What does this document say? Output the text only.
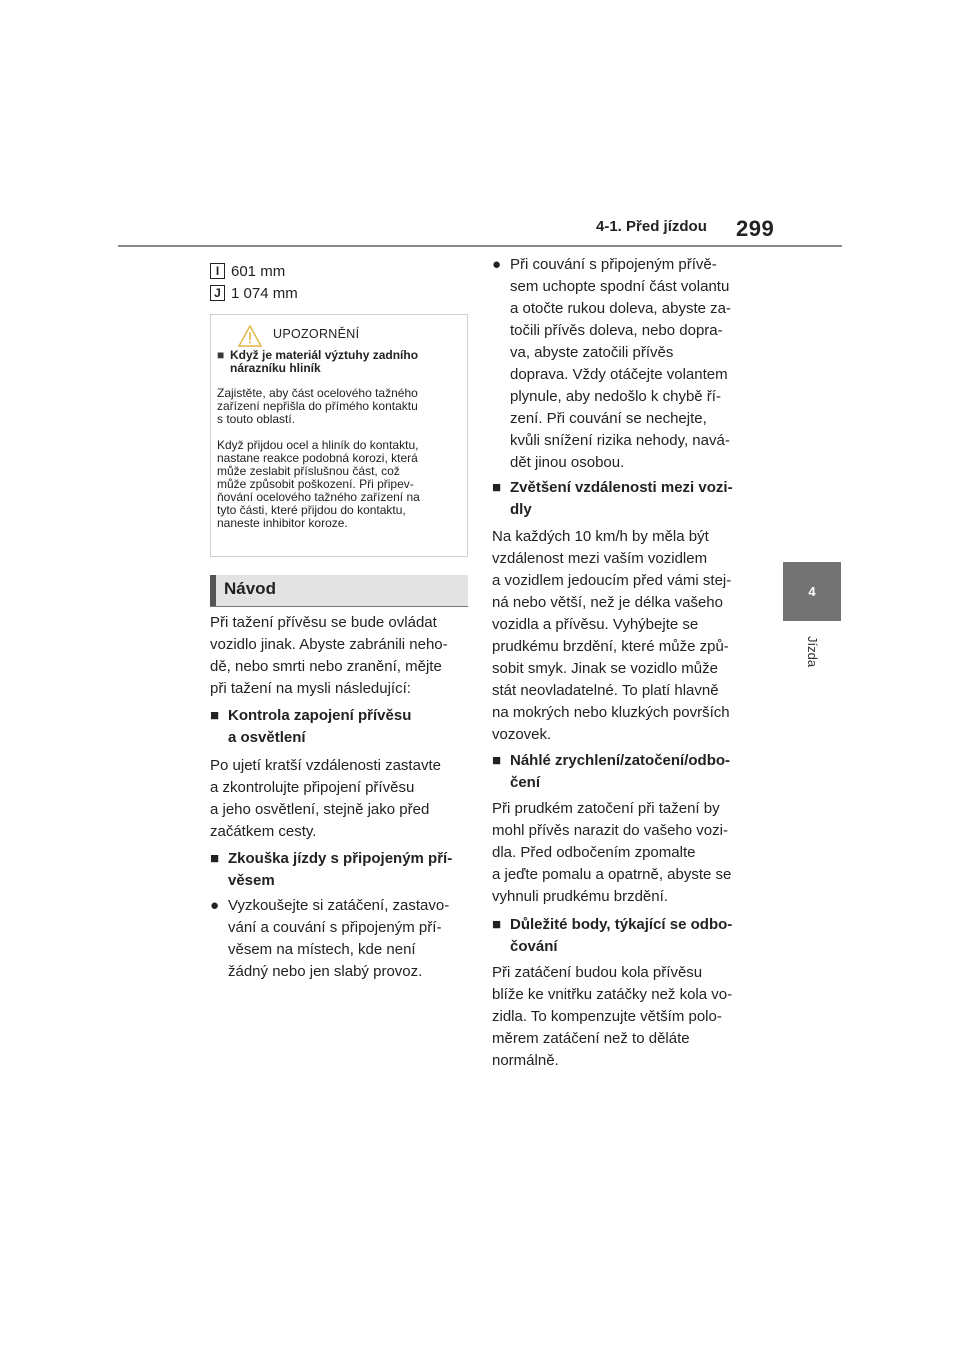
4-1. Před jízdou 299
4
Jízda
I 601 mm
J 1 074 mm
UPOZORNĚNÍ
■ Když je materiál výztuhy zadního
nárazníku hliník
Zajistěte, aby část ocelového tažného
zařízení nepřišla do přímého kontaktu
s touto oblastí.
Když přijdou ocel a hliník do kontaktu,
nastane reakce podobná korozi, která
může zeslabit příslušnou část, což
může způsobit poškození. Při připev-
ňování ocelového tažného zařízení na
tyto části, které přijdou do kontaktu,
naneste inhibitor koroze.
Návod
Při tažení přívěsu se bude ovládat
vozidlo jinak. Abyste zabránili neho-
dě, nebo smrti nebo zranění, mějte
při tažení na mysli následující:
■ Kontrola zapojení přívěsu
a osvětlení
Po ujetí kratší vzdálenosti zastavte
a zkontrolujte připojení přívěsu
a jeho osvětlení, stejně jako před
začátkem cesty.
■ Zkouška jízdy s připojeným pří-
věsem
● Vyzkoušejte si zatáčení, zastavo-
vání a couvání s připojeným pří-
věsem na místech, kde není
žádný nebo jen slabý provoz.
● Při couvání s připojeným přívě-
sem uchopte spodní část volantu
a otočte rukou doleva, abyste za-
točili přívěs doleva, nebo dopra-
va, abyste zatočili přívěs
doprava. Vždy otáčejte volantem
plynule, aby nedošlo k chybě ří-
zení. Při couvání se nechejte,
kvůli snížení rizika nehody, navá-
dět jinou osobou.
■ Zvětšení vzdálenosti mezi vozi-
dly
Na každých 10 km/h by měla být
vzdálenost mezi vaším vozidlem
a vozidlem jedoucím před vámi stej-
ná nebo větší, než je délka vašeho
vozidla a přívěsu. Vyhýbejte se
prudkému brzdění, které může způ-
sobit smyk. Jinak se vozidlo může
stát neovladatelné. To platí hlavně
na mokrých nebo kluzkých površích
vozovek.
■ Náhlé zrychlení/zatočení/odbo-
čení
Při prudkém zatočení při tažení by
mohl přívěs narazit do vašeho vozi-
dla. Před odbočením zpomalte
a jeďte pomalu a opatrně, abyste se
vyhnuli prudkému brzdění.
■ Důležité body, týkající se odbo-
čování
Při zatáčení budou kola přívěsu
blíže ke vnitřku zatáčky než kola vo-
zidla. To kompenzujte větším polo-
měrem zatáčení než to děláte
normálně.
